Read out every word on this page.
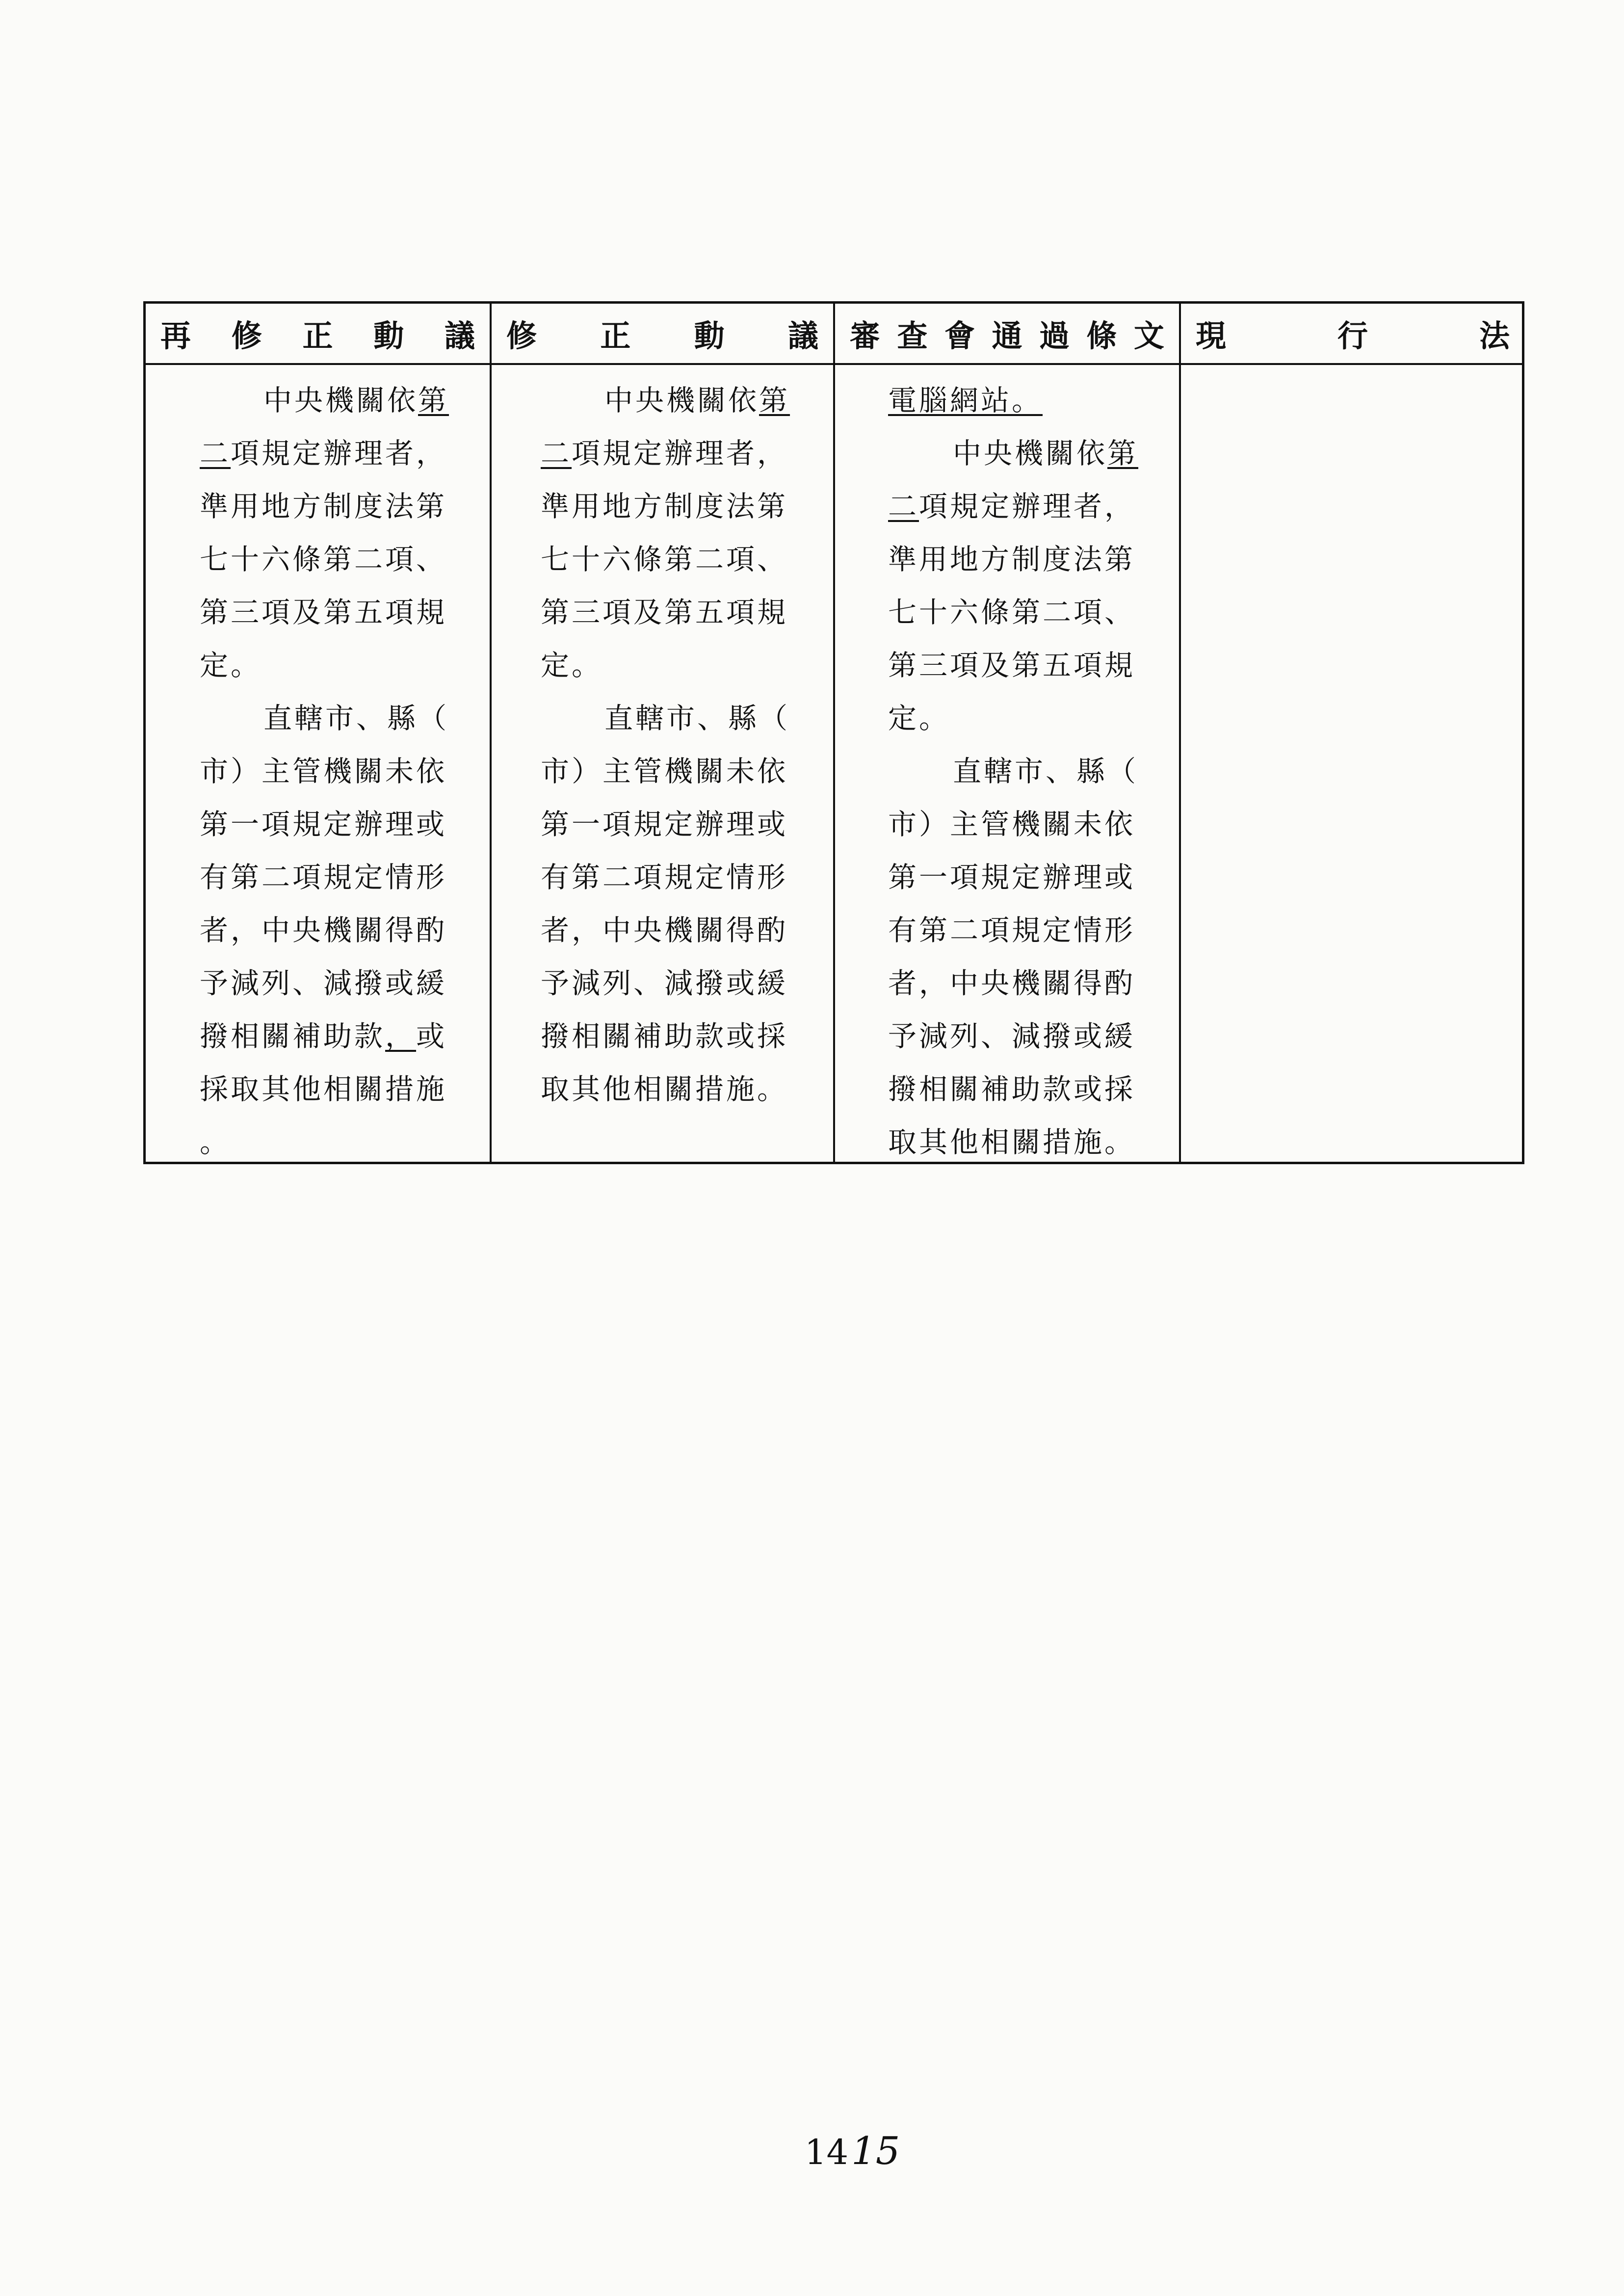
再 修 正 動 議
中央機關依第
二項規定辦理者，
準用地方制度法第
七十六條第二項、
第三項及第五項規
定。
直轄市、縣（
市）主管機關未依
第一項規定辦理或
有第二項規定情形
者，中央機關得酌
予減列、減撥或緩
撥相關補助款，或
採取其他相關措施
。
修 正 動 議
中央機關依第
二項規定辦理者，
準用地方制度法第
七十六條第二項、
第三項及第五項規
定。
直轄市、縣（
市）主管機關未依
第一項規定辦理或
有第二項規定情形
者，中央機關得酌
予減列、減撥或緩
撥相關補助款或採
取其他相關措施。
審 查 會 通 過 條 文
電腦網站。
中央機關依第
二項規定辦理者，
準用地方制度法第
七十六條第二項、
第三項及第五項規
定。
直轄市、縣（
市）主管機關未依
第一項規定辦理或
有第二項規定情形
者，中央機關得酌
予減列、減撥或緩
撥相關補助款或採
取其他相關措施。
現	行	法
1415
